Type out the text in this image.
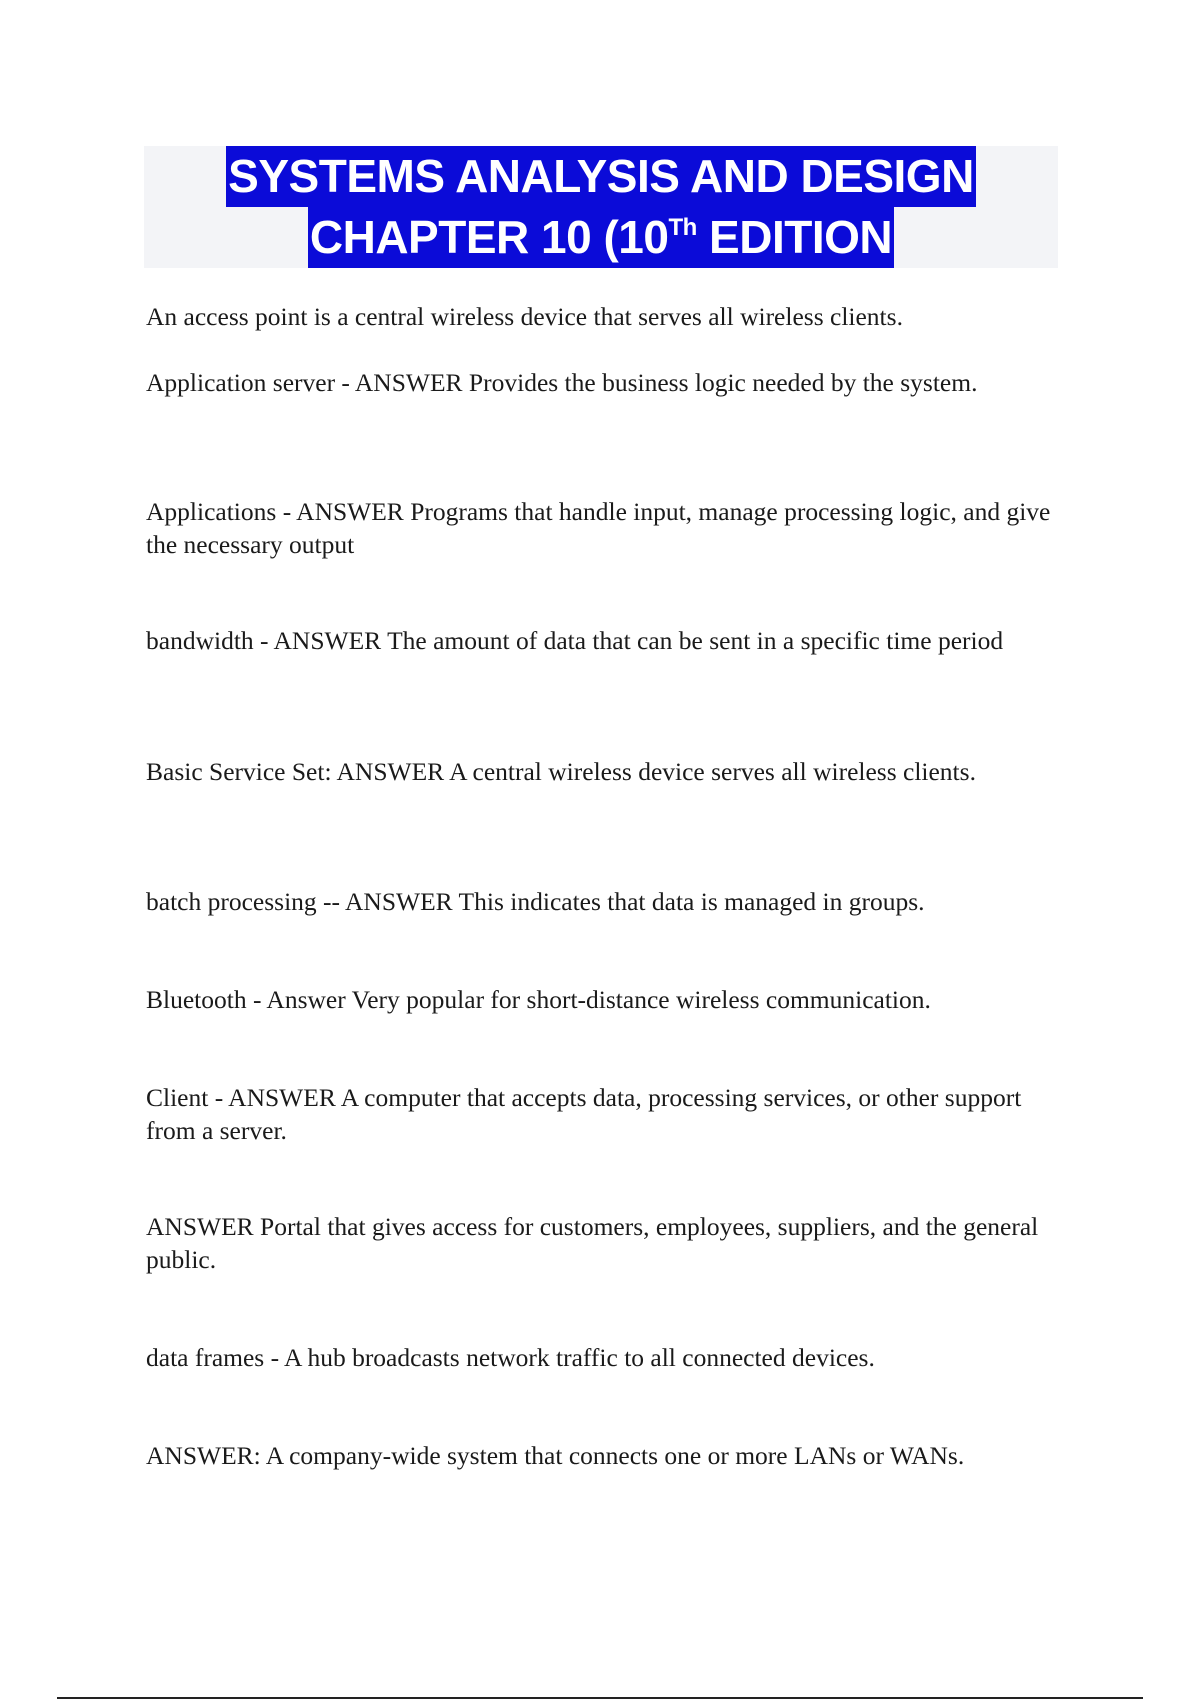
SYSTEMS ANALYSIS AND DESIGN
CHAPTER 10 (10Th EDITION

An access point is a central wireless device that serves all wireless clients.

Application server - ANSWER Provides the business logic needed by the system.

Applications - ANSWER Programs that handle input, manage processing logic, and give the necessary output

bandwidth - ANSWER The amount of data that can be sent in a specific time period

Basic Service Set: ANSWER A central wireless device serves all wireless clients.

batch processing -- ANSWER This indicates that data is managed in groups.

Bluetooth - Answer Very popular for short-distance wireless communication.

Client - ANSWER A computer that accepts data, processing services, or other support from a server.

ANSWER Portal that gives access for customers, employees, suppliers, and the general public.

data frames - A hub broadcasts network traffic to all connected devices.

ANSWER: A company-wide system that connects one or more LANs or WANs.
